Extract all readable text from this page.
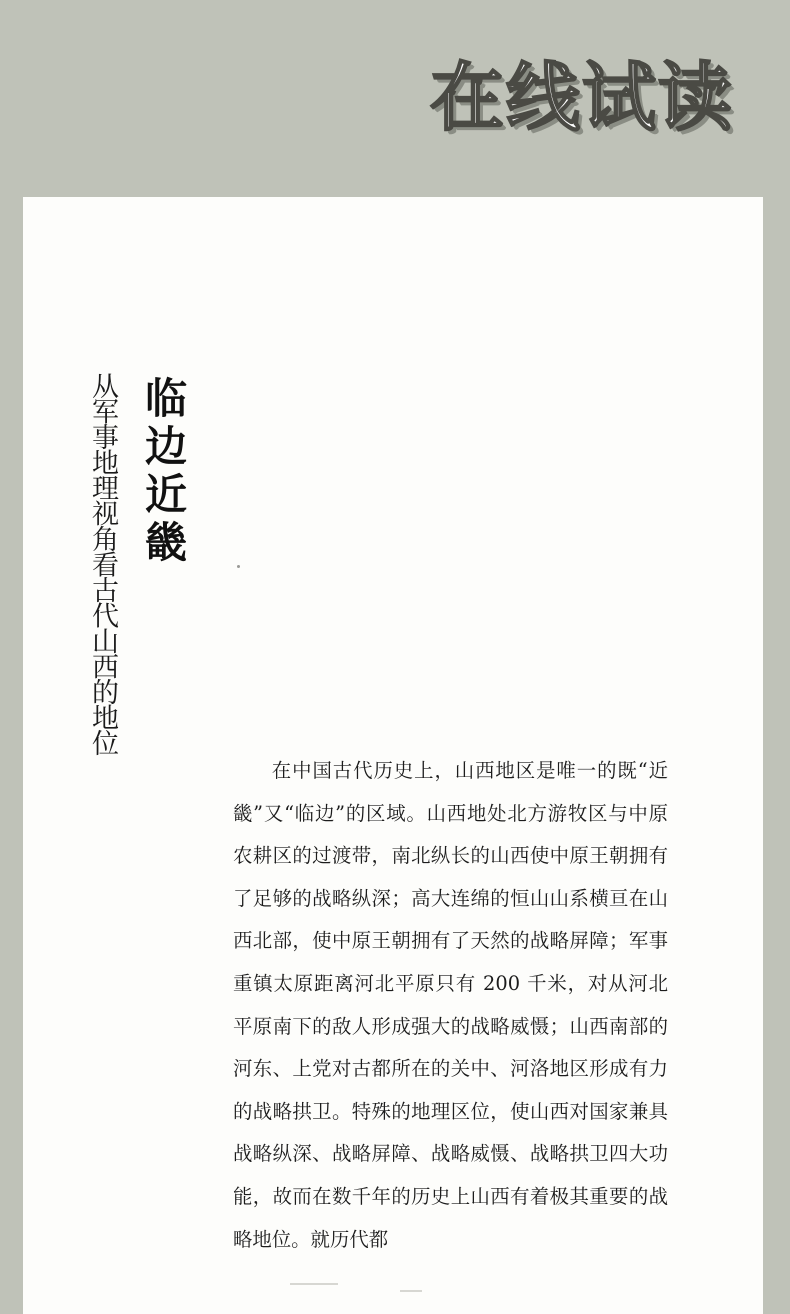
在线试读
从军事地理视角看古代山西的地位 临边近畿

在中国古代历史上，山西地区是唯一的既“近畿”又“临边”的区域。山西地处北方游牧区与中原农耕区的过渡带，南北纵长的山西使中原王朝拥有了足够的战略纵深；高大连绵的恒山山系横亘在山西北部，使中原王朝拥有了天然的战略屏障；军事重镇太原距离河北平原只有 200 千米，对从河北平原南下的敌人形成强大的战略威慑；山西南部的河东、上党对古都所在的关中、河洛地区形成有力的战略拱卫。特殊的地理区位，使山西对国家兼具战略纵深、战略屏障、战略威慑、战略拱卫四大功能，故而在数千年的历史上山西有着极其重要的战略地位。就历代都
